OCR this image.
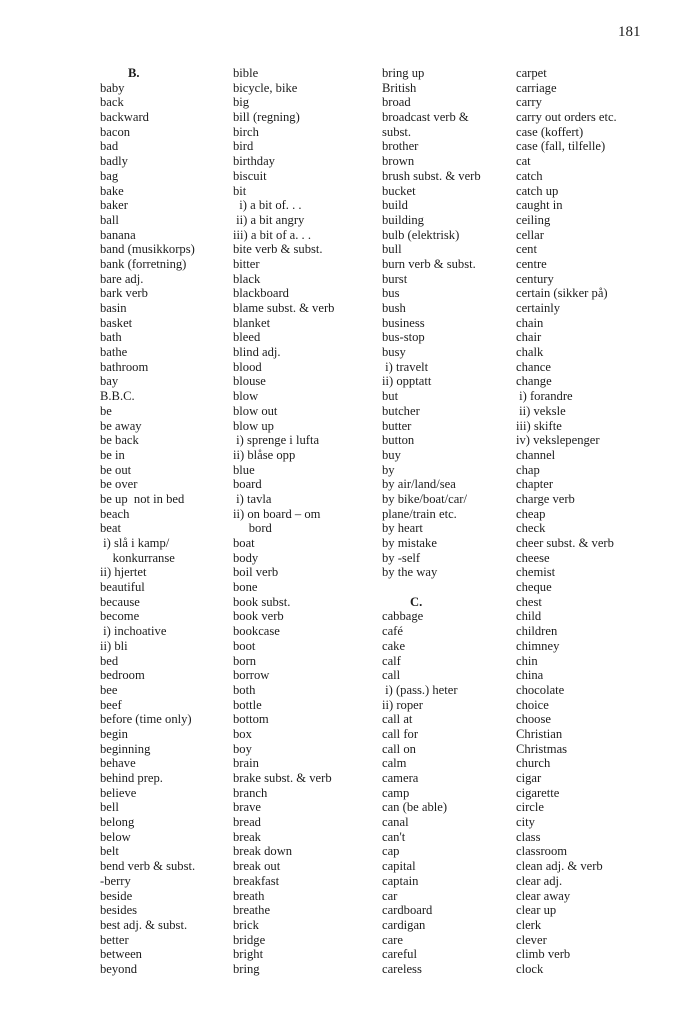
181
B.
baby
back
backward
bacon
bad
badly
bag
bake
baker
ball
banana
band (musikkorps)
bank (forretning)
bare adj.
bark verb
basin
basket
bath
bathe
bathroom
bay
B.B.C.
be
be away
be back
be in
be out
be over
be up  not in bed
beach
beat
i) slå i kamp/
konkurranse
ii) hjertet
beautiful
because
become
i) inchoative
ii) bli
bed
bedroom
bee
beef
before (time only)
begin
beginning
behave
behind prep.
believe
bell
belong
below
belt
bend verb & subst.
-berry
beside
besides
best adj. & subst.
better
between
beyond
bible
bicycle, bike
big
bill (regning)
birch
bird
birthday
biscuit
bit
i) a bit of. . .
ii) a bit angry
iii) a bit of a. . .
bite verb & subst.
bitter
black
blackboard
blame subst. & verb
blanket
bleed
blind adj.
blood
blouse
blow
blow out
blow up
i) sprenge i lufta
ii) blåse opp
blue
board
i) tavla
ii) on board – om
bord
boat
body
boil verb
bone
book subst.
book verb
bookcase
boot
born
borrow
both
bottle
bottom
box
boy
brain
brake subst. & verb
branch
brave
bread
break
break down
break out
breakfast
breath
breathe
brick
bridge
bright
bring
bring up
British
broad
broadcast verb &
subst.
brother
brown
brush subst. & verb
bucket
build
building
bulb (elektrisk)
bull
burn verb & subst.
burst
bus
bush
business
bus-stop
busy
i) travelt
ii) opptatt
but
butcher
butter
button
buy
by
by air/land/sea
by bike/boat/car/
plane/train etc.
by heart
by mistake
by -self
by the way
C.
cabbage
café
cake
calf
call
i) (pass.) heter
ii) roper
call at
call for
call on
calm
camera
camp
can (be able)
canal
can't
cap
capital
captain
car
cardboard
cardigan
care
careful
careless
carpet
carriage
carry
carry out orders etc.
case (koffert)
case (fall, tilfelle)
cat
catch
catch up
caught in
ceiling
cellar
cent
centre
century
certain (sikker på)
certainly
chain
chair
chalk
chance
change
i) forandre
ii) veksle
iii) skifte
iv) vekslepenger
channel
chap
chapter
charge verb
cheap
check
cheer subst. & verb
cheese
chemist
cheque
chest
child
children
chimney
chin
china
chocolate
choice
choose
Christian
Christmas
church
cigar
cigarette
circle
city
class
classroom
clean adj. & verb
clear adj.
clear away
clear up
clerk
clever
climb verb
clock
